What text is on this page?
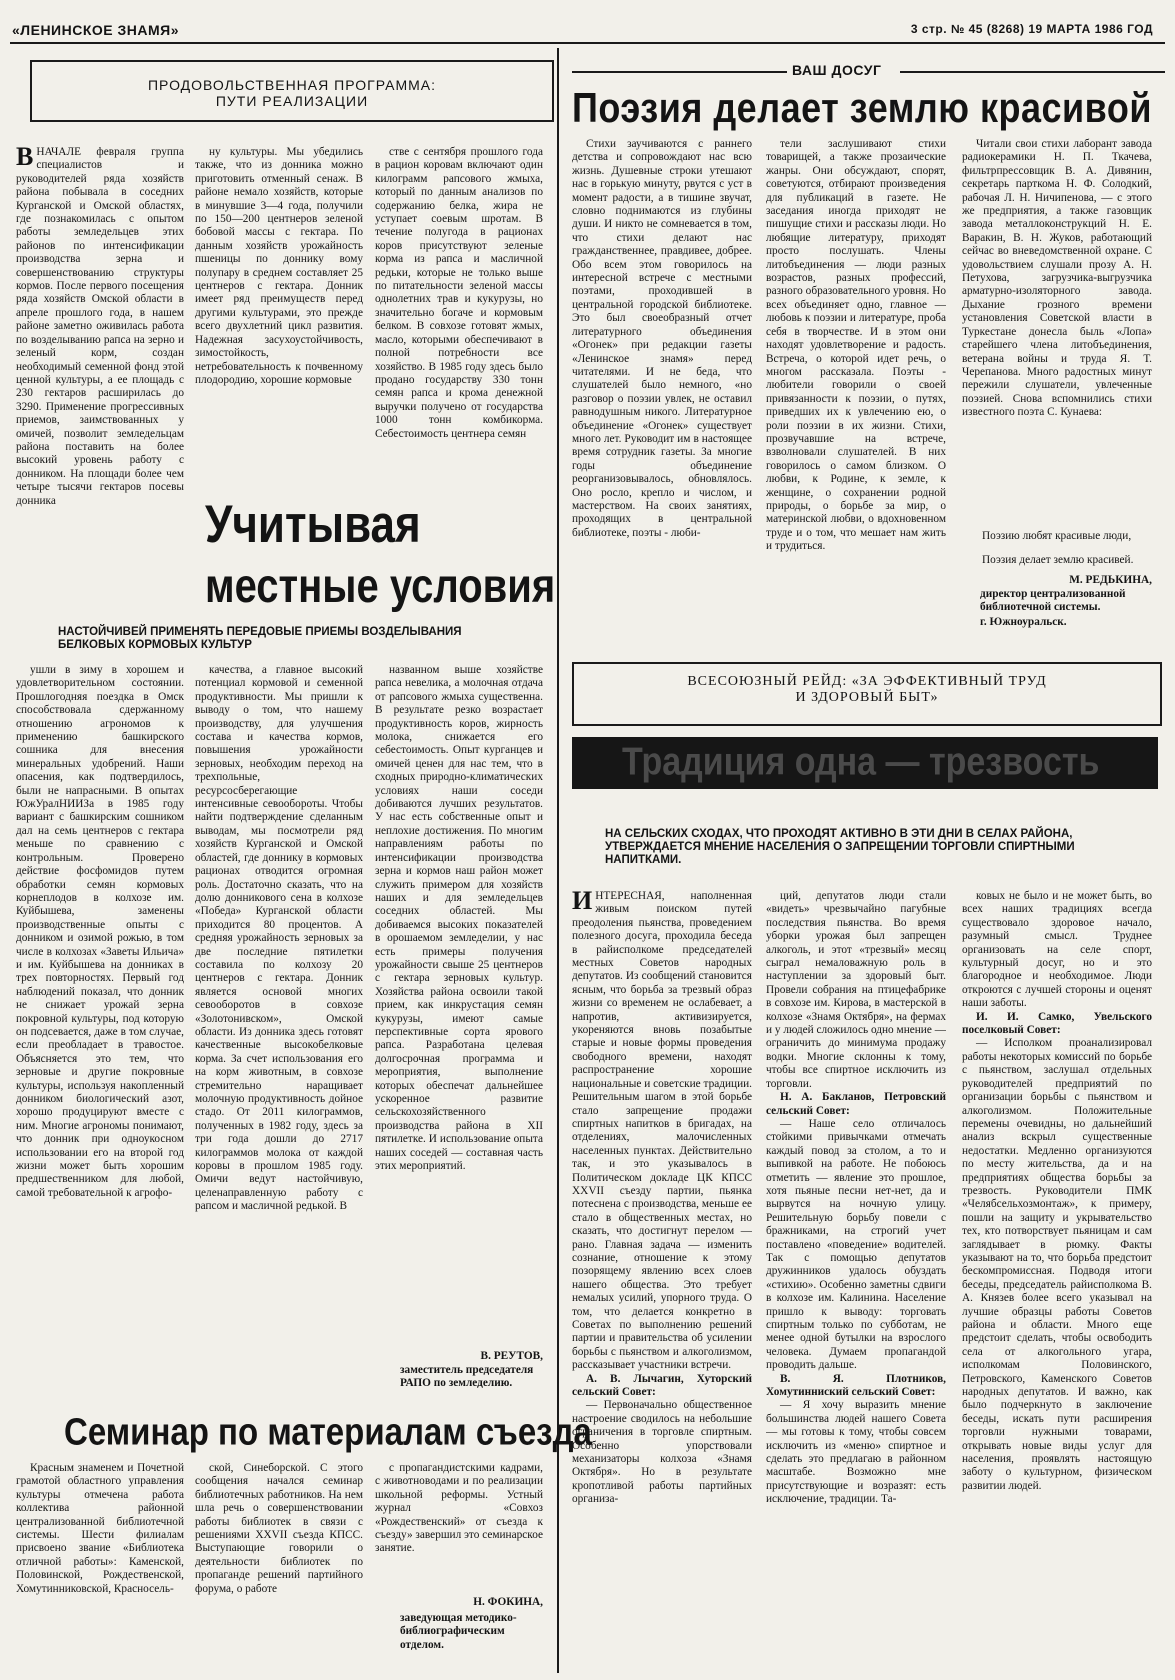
«ЛЕНИНСКОЕ ЗНАМЯ»	3 стр. № 45 (8268) 19 МАРТА 1986 ГОД
ПРОДОВОЛЬСТВЕННАЯ ПРОГРАММА:
ПУТИ РЕАЛИЗАЦИИ

ВНАЧАЛЕ февраля группа специалистов и руководителей ряда хозяйств района побывала в соседних Курганской и Омской областях, где познакомилась с опытом работы земледельцев этих районов по интенсификации производства зерна и совершенствованию структуры кормов. После первого посещения ряда хозяйств Омской области в апреле прошлого года, в нашем районе заметно оживилась работа по возделыванию рапса на зерно и зеленый корм, создан необходимый семенной фонд этой ценной культуры, а ее площадь с 230 гектаров расширилась до 3290. Применение прогрессивных приемов, заимствованных у омичей, позволит земледельцам района поставить на более высокий уровень работу с донником. На площади более чем четыре тысячи гектаров посевы донника

ну культуры. Мы убедились также, что из донника можно приготовить отменный сенаж. В районе немало хозяйств, которые в минувшие 3—4 года, получили по 150—200 центнеров зеленой бобовой массы с гектара. По данным хозяйств урожайность пшеницы по доннику вому полупару в среднем составляет 25 центнеров с гектара. Донник имеет ряд преимуществ перед другими культурами, это прежде всего двухлетний цикл развития. Надежная засухоустойчивость, зимостойкость, нетребовательность к почвенному плодородию, хорошие кормовые

стве с сентября прошлого года в рацион коровам включают один килограмм рапсового жмыха, который по данным анализов по содержанию белка, жира не уступает соевым шротам. В течение полугода в рационах коров присутствуют зеленые корма из рапса и масличной редьки, которые не только выше по питательности зеленой массы однолетних трав и кукурузы, но значительно богаче и кормовым белком. В совхозе готовят жмых, масло, которыми обеспечивают в полной потребности все хозяйство. В 1985 году здесь было продано государству 330 тонн семян рапса и крома денежной выручки получено от государства 1000 тонн комбикорма. Себестоимость центнера семян

Учитывая
местные условия
НАСТОЙЧИВЕЙ ПРИМЕНЯТЬ ПЕРЕДОВЫЕ ПРИЕМЫ ВОЗДЕЛЫВАНИЯ БЕЛКОВЫХ КОРМОВЫХ КУЛЬТУР

ушли в зиму в хорошем и удовлетворительном состоянии. Прошлогодняя поездка в Омск способствовала сдержанному отношению агрономов к применению башкирского сошника для внесения минеральных удобрений. Наши опасения, как подтвердилось, были не напрасными. В опытах ЮжУралНИИЗа в 1985 году вариант с башкирским сошником дал на семь центнеров с гектара меньше по сравнению с контрольным. Проверено действие фосфомидов путем обработки семян кормовых корнеплодов в колхозе им. Куйбышева, заменены производственные опыты с донником и озимой рожью, в том числе в колхозах «Заветы Ильича» и им. Куйбышева на донниках в трех повторностях. Первый год наблюдений показал, что донник не снижает урожай зерна покровной культуры, под которую он подсевается, даже в том случае, если преобладает в травостое. Объясняется это тем, что зерновые и другие покровные культуры, используя накопленный донником биологический азот, хорошо продуцируют вместе с ним. Многие агрономы понимают, что донник при одноукосном использовании его на второй год жизни может быть хорошим предшественником для любой, самой требовательной к агрофо-

качества, а главное высокий потенциал кормовой и семенной продуктивности. Мы пришли к выводу о том, что нашему производству, для улучшения состава и качества кормов, повышения урожайности зерновых, необходим переход на трехпольные, ресурсосберегающие интенсивные севообороты. Чтобы найти подтверждение сделанным выводам, мы посмотрели ряд хозяйств Курганской и Омской областей, где доннику в кормовых рационах отводится огромная роль. Достаточно сказать, что на долю донникового сена в колхозе «Победа» Курганской области приходится 80 процентов. А средняя урожайность зерновых за две последние пятилетки составила по колхозу 20 центнеров с гектара. Донник является основой многих севооборотов в совхозе «Золотонивском», Омской области. Из донника здесь готовят качественные высокобелковые корма. За счет использования его на корм животным, в совхозе стремительно наращивает молочную продуктивность дойное стадо. От 2011 килограммов, полученных в 1982 году, здесь за три года дошли до 2717 килограммов молока от каждой коровы в прошлом 1985 году. Омичи ведут настойчивую, целенаправленную работу с рапсом и масличной редькой. В

названном выше хозяйстве рапса невелика, а молочная отдача от рапсового жмыха существенна. В результате резко возрастает продуктивность коров, жирность молока, снижается его себестоимость. Опыт курганцев и омичей ценен для нас тем, что в сходных природно-климатических условиях наши соседи добиваются лучших результатов. У нас есть собственные опыт и неплохие достижения. По многим направлениям работы по интенсификации производства зерна и кормов наш район может служить примером для хозяйств наших и для земледельцев соседних областей. Мы добиваемся высоких показателей в орошаемом земледелии, у нас есть примеры получения урожайности свыше 25 центнеров с гектара зерновых культур. Хозяйства района освоили такой прием, как инкрустация семян кукурузы, имеют самые перспективные сорта ярового рапса. Разработана целевая долгосрочная программа и мероприятия, выполнение которых обеспечат дальнейшее ускоренное развитие сельскохозяйственного производства района в XII пятилетке. И использование опыта наших соседей — составная часть этих мероприятий.

В. РЕУТОВ,
заместитель председателя РАПО по земледелию.
Семинар по материалам съезда

Красным знаменем и Почетной грамотой областного управления культуры отмечена работа коллектива районной централизованной библиотечной системы. Шести филиалам присвоено звание «Библиотека отличной работы»: Каменской, Половинской, Рождественской, Хомутинниковской, Красносель-

ской, Синеборской. С этого сообщения начался семинар библиотечных работников. На нем шла речь о совершенствовании работы библиотек в связи с решениями XXVII съезда КПСС. Выступающие говорили о деятельности библиотек по пропаганде решений партийного форума, о работе

с пропагандистскими кадрами, с животноводами и по реализации школьной реформы. Устный журнал «Совхоз «Рождественский» от съезда к съезду» завершил это семинарское занятие.

Н. ФОКИНА,
заведующая методико-библиографическим отделом.
ВАШ ДОСУГ
Поэзия делает землю красивой

Стихи заучиваются с раннего детства и сопровождают нас всю жизнь. Душевные строки утешают нас в горькую минуту, рвутся с уст в момент радости, а в тишине звучат, словно поднимаются из глубины души. И никто не сомневается в том, что стихи делают нас гражданственнее, правдивее, добрее. Обо всем этом говорилось на интересной встрече с местными поэтами, проходившей в центральной городской библиотеке. Это был своеобразный отчет литературного объединения «Огонек» при редакции газеты «Ленинское знамя» перед читателями. И не беда, что слушателей было немного, «но разговор о поэзии увлек, не оставил равнодушным никого. Литературное объединение «Огонек» существует много лет. Руководит им в настоящее время сотрудник газеты. За многие годы объединение реорганизовывалось, обновлялось. Оно росло, крепло и числом, и мастерством. На своих занятиях, проходящих в центральной библиотеке, поэты - люби-

тели заслушивают стихи товарищей, а также прозаические жанры. Они обсуждают, спорят, советуются, отбирают произведения для публикаций в газете. Не заседания иногда приходят не пишущие стихи и рассказы люди. Но любящие литературу, приходят просто послушать. Члены литобъединения — люди разных возрастов, разных профессий, разного образовательного уровня. Но всех объединяет одно, главное — любовь к поэзии и литературе, проба себя в творчестве. И в этом они находят удовлетворение и радость. Встреча, о которой идет речь, о многом рассказала. Поэты - любители говорили о своей привязанности к поэзии, о путях, приведших их к увлечению ею, о роли поэзии в их жизни. Стихи, прозвучавшие на встрече, взволновали слушателей. В них говорилось о самом близком. О любви, к Родине, к земле, к женщине, о сохранении родной природы, о борьбе за мир, о материнской любви, о вдохновенном труде и о том, что мешает нам жить и трудиться.

Читали свои стихи лаборант завода радиокерамики Н. П. Ткачева, фильтрпрессовщик В. А. Дивянин, секретарь парткома Н. Ф. Солодкий, рабочая Л. Н. Ничипенова, — с этого же предприятия, а также газовщик завода металлоконструкций Н. Е. Варакин, В. Н. Жуков, работающий сейчас во вневедомственной охране. С удовольствием слушали прозу А. Н. Петухова, загрузчика-выгрузчика арматурно-изоляторного завода. Дыхание грозного времени установления Советской власти в Туркестане донесла быль «Лопа» старейшего члена литобъединения, ветерана войны и труда Я. Т. Черепанова. Много радостных минут пережили слушатели, увлеченные поэзией. Снова вспомнились стихи известного поэта С. Кунаева:

Поэзию любят красивые люди,
Поэзия делает землю красивей.
М. РЕДЬКИНА,
директор централизованной библиотечной системы.
г. Южноуральск.
ВСЕСОЮЗНЫЙ РЕЙД: «ЗА ЭФФЕКТИВНЫЙ ТРУД
И ЗДОРОВЫЙ БЫТ»
Традиция одна — трезвость
НА СЕЛЬСКИХ СХОДАХ, ЧТО ПРОХОДЯТ АКТИВНО В ЭТИ ДНИ В СЕЛАХ РАЙОНА, УТВЕРЖДАЕТСЯ МНЕНИЕ НАСЕЛЕНИЯ О ЗАПРЕЩЕНИИ ТОРГОВЛИ СПИРТНЫМИ НАПИТКАМИ.

ИНТЕРЕСНАЯ, наполненная живым поиском путей преодоления пьянства, проведением полезного досуга, проходила беседа в райисполкоме председателей местных Советов народных депутатов. Из сообщений становится ясным, что борьба за трезвый образ жизни со временем не ослабевает, а напротив, активизируется, укореняются вновь позабытые старые и новые формы проведения свободного времени, находят распространение хорошие национальные и советские традиции. Решительным шагом в этой борьбе стало запрещение продажи спиртных напитков в бригадах, на отделениях, малочисленных населенных пунктах. Действительно так, и это указывалось в Политическом докладе ЦК КПСС XXVII съезду партии, пьянка потеснена с производства, меньше ее стало в общественных местах, но сказать, что достигнут перелом — рано. Главная задача — изменить сознание, отношение к этому позорящему явлению всех слоев нашего общества. Это требует немалых усилий, упорного труда. О том, что делается конкретно в Советах по выполнению решений партии и правительства об усилении борьбы с пьянством и алкоголизмом, рассказывает участники встречи.

А. В. Лычагин, Хуторский сельский Совет:

— Первоначально общественное настроение сводилось на небольшие ограничения в торговле спиртным. Особенно упорствовали механизаторы колхоза «Знамя Октября». Но в результате кропотливой работы партийных организа-

ций, депутатов люди стали «видеть» чрезвычайно пагубные последствия пьянства. Во время уборки урожая был запрещен алкоголь, и этот «трезвый» месяц сыграл немаловажную роль в наступлении за здоровый быт. Провели собрания на птицефабрике в совхозе им. Кирова, в мастерской в колхозе «Знамя Октября», на фермах и у людей сложилось одно мнение — ограничить до минимума продажу водки. Многие склонны к тому, чтобы все спиртное исключить из торговли.

Н. А. Бакланов, Петровский сельский Совет:

— Наше село отличалось стойкими привычками отмечать каждый повод за столом, а то и выпивкой на работе. Не побоюсь отметить — явление это прошлое, хотя пьяные песни нет-нет, да и вырвутся на ночную улицу. Решительную борьбу повели с бражниками, на строгий учет поставлено «поведение» водителей. Так с помощью депутатов дружинников удалось обуздать «стихию». Особенно заметны сдвиги в колхозе им. Калинина. Население пришло к выводу: торговать спиртным только по субботам, не менее одной бутылки на взрослого человека. Думаем пропагандой проводить дальше.

В. Я. Плотников, Хомутинниский сельский Совет:

— Я хочу выразить мнение большинства людей нашего Совета — мы готовы к тому, чтобы совсем исключить из «меню» спиртное и сделать это предлагаю в районном масштабе. Возможно мне присутствующие и возразят: есть исключение, традиции. Та-

ковых не было и не может быть, во всех наших традициях всегда существовало здоровое начало, разумный смысл. Труднее организовать на селе спорт, культурный досуг, но и это благородное и необходимое. Люди откроются с лучшей стороны и оценят наши заботы.

И. И. Самко, Увельского поселковый Совет:

— Исполком проанализировал работы некоторых комиссий по борьбе с пьянством, заслушал отдельных руководителей предприятий по организации борьбы с пьянством и алкоголизмом. Положительные перемены очевидны, но дальнейший анализ вскрыл существенные недостатки. Медленно организуются по месту жительства, да и на предприятиях общества борьбы за трезвость. Руководители ПМК «Челябсельхозмонтаж», к примеру, пошли на защиту и укрывательство тех, кто потворствует пьяницам и сам заглядывает в рюмку. Факты указывают на то, что борьба предстоит бескомпромиссная. Подводя итоги беседы, председатель райисполкома В. А. Князев более всего указывал на лучшие образцы работы Советов района и области. Много еще предстоит сделать, чтобы освободить села от алкогольного угара, исполкомам Половинского, Петровского, Каменского Советов народных депутатов. И важно, как было подчеркнуто в заключение беседы, искать пути расширения торговли нужными товарами, открывать новые виды услуг для населения, проявлять настоящую заботу о культурном, физическом развитии людей.
